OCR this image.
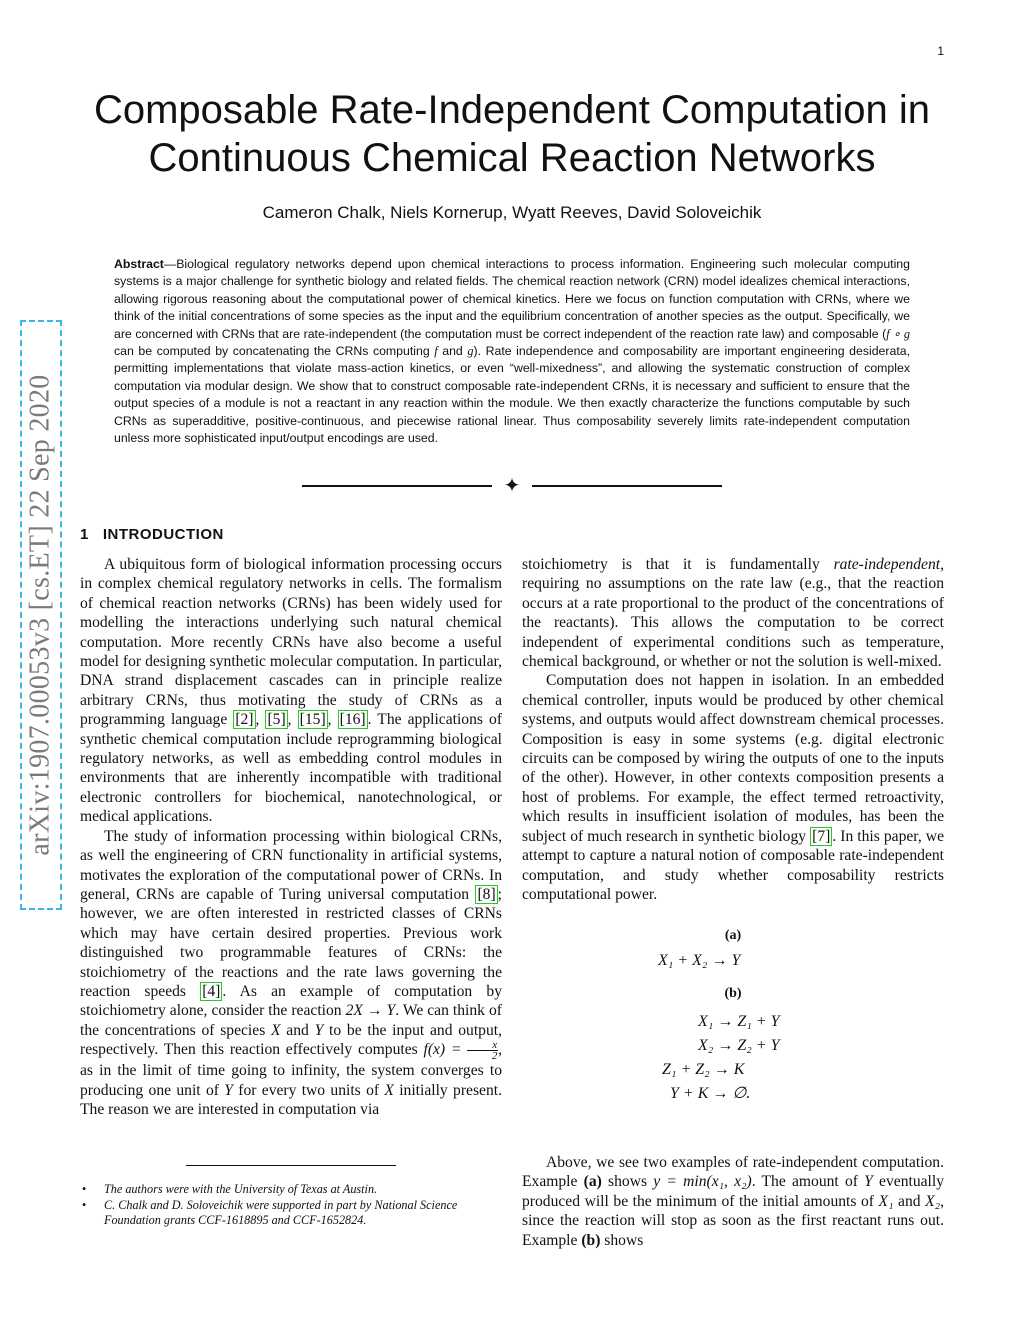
1
arXiv:1907.00053v3 [cs.ET] 22 Sep 2020
Composable Rate-Independent Computation in
Continuous Chemical Reaction Networks
Cameron Chalk, Niels Kornerup, Wyatt Reeves, David Soloveichik
Abstract—Biological regulatory networks depend upon chemical interactions to process information. Engineering such molecular computing systems is a major challenge for synthetic biology and related fields. The chemical reaction network (CRN) model idealizes chemical interactions, allowing rigorous reasoning about the computational power of chemical kinetics. Here we focus on function computation with CRNs, where we think of the initial concentrations of some species as the input and the equilibrium concentration of another species as the output. Specifically, we are concerned with CRNs that are rate-independent (the computation must be correct independent of the reaction rate law) and composable (f ∘ g can be computed by concatenating the CRNs computing f and g). Rate independence and composability are important engineering desiderata, permitting implementations that violate mass-action kinetics, or even “well-mixedness”, and allowing the systematic construction of complex computation via modular design. We show that to construct composable rate-independent CRNs, it is necessary and sufficient to ensure that the output species of a module is not a reactant in any reaction within the module. We then exactly characterize the functions computable by such CRNs as superadditive, positive-continuous, and piecewise rational linear. Thus composability severely limits rate-independent computation unless more sophisticated input/output encodings are used.
✦
1 INTRODUCTION

A ubiquitous form of biological information processing occurs in complex chemical regulatory networks in cells. The formalism of chemical reaction networks (CRNs) has been widely used for modelling the interactions underlying such natural chemical computation. More recently CRNs have also become a useful model for designing synthetic molecular computation. In particular, DNA strand displacement cascades can in principle realize arbitrary CRNs, thus motivating the study of CRNs as a programming language [2] , [5] , [15] , [16] . The applications of synthetic chemical computation include reprogramming biological regulatory networks, as well as embedding control modules in environments that are inherently incompatible with traditional electronic controllers for biochemical, nanotechnological, or medical applications.

The study of information processing within biological CRNs, as well the engineering of CRN functionality in artificial systems, motivates the exploration of the computational power of CRNs. In general, CRNs are capable of Turing universal computation [8] ; however, we are often interested in restricted classes of CRNs which may have certain desired properties. Previous work distinguished two programmable features of CRNs: the stoichiometry of the reactions and the rate laws governing the reaction speeds [4] . As an example of computation by stoichiometry alone, consider the reaction 2X → Y. We can think of the concentrations of species X and Y to be the input and output, respectively. Then this reaction effectively computes $f(x) = \frac{x}{2}$ , as in the limit of time going to infinity, the system converges to producing one unit of Y for every two units of X initially present. The reason we are interested in computation via

stoichiometry is that it is fundamentally rate-independent, requiring no assumptions on the rate law (e.g., that the reaction occurs at a rate proportional to the product of the concentrations of the reactants). This allows the computation to be correct independent of experimental conditions such as temperature, chemical background, or whether or not the solution is well-mixed.

Computation does not happen in isolation. In an embedded chemical controller, inputs would be produced by other chemical systems, and outputs would affect downstream chemical processes. Composition is easy in some systems (e.g. digital electronic circuits can be composed by wiring the outputs of one to the inputs of the other). However, in other contexts composition presents a host of problems. For example, the effect termed retroactivity, which results in insufficient isolation of modules, has been the subject of much research in synthetic biology [7] . In this paper, we attempt to capture a natural notion of composable rate-independent computation, and study whether composability restricts computational power.

(a)
X₁ + X₂ → Y
(b)
X₁ → Z₁ + Y
X₂ → Z₂ + Y
Z₁ + Z₂ → K
Y + K → ∅.

Above, we see two examples of rate-independent computation. Example (a) shows y = min(x₁, x₂). The amount of Y eventually produced will be the minimum of the initial amounts of X₁ and X₂, since the reaction will stop as soon as the first reactant runs out. Example (b) shows

• The authors were with the University of Texas at Austin.
• C. Chalk and D. Soloveichik were supported in part by National Science Foundation grants CCF-1618895 and CCF-1652824.
